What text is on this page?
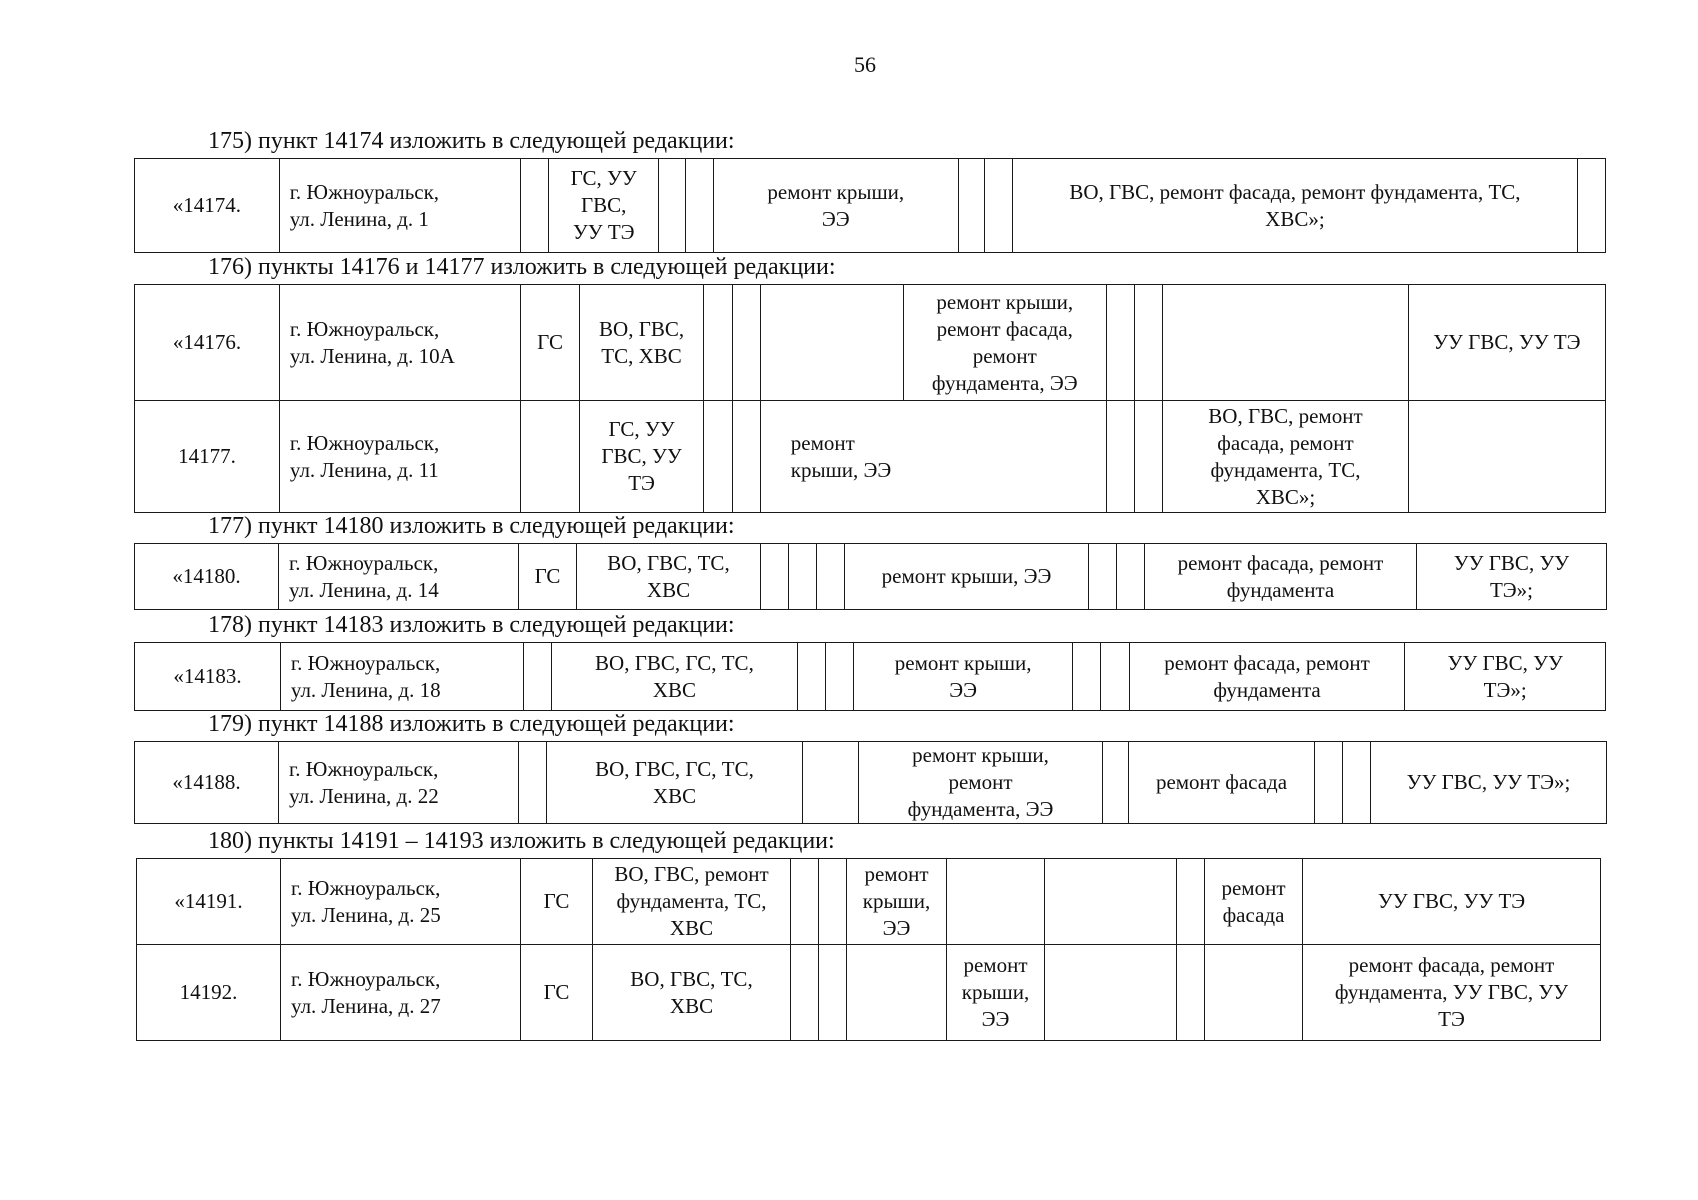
56
175) пункт 14174 изложить в следующей редакции:
«14174.	г. Южноуральск,
ул. Ленина, д. 1		ГС, УУ
ГВС,
УУ ТЭ			ремонт крыши,
ЭЭ			ВО, ГВС, ремонт фасада, ремонт фундамента, ТС,
ХВС»;	
176) пункты 14176 и 14177 изложить в следующей редакции:
«14176.	г. Южноуральск,
ул. Ленина, д. 10А	ГС	ВО, ГВС,
ТС, ХВС				ремонт крыши,
ремонт фасада,
ремонт
фундамента, ЭЭ				УУ ГВС, УУ ТЭ
14177.	г. Южноуральск,
ул. Ленина, д. 11		ГС, УУ
ГВС, УУ
ТЭ			ремонт
крыши, ЭЭ				ВО, ГВС, ремонт
фасада, ремонт
фундамента, ТС,
ХВС»;	
177) пункт 14180 изложить в следующей редакции:
«14180.	г. Южноуральск,
ул. Ленина, д. 14	ГС	ВО, ГВС, ТС,
ХВС				ремонт крыши, ЭЭ			ремонт фасада, ремонт
фундамента	УУ ГВС, УУ
ТЭ»;
178) пункт 14183 изложить в следующей редакции:
«14183.	г. Южноуральск,
ул. Ленина, д. 18		ВО, ГВС, ГС, ТС,
ХВС			ремонт крыши,
ЭЭ			ремонт фасада, ремонт
фундамента	УУ ГВС, УУ
ТЭ»;
179) пункт 14188 изложить в следующей редакции:
«14188.	г. Южноуральск,
ул. Ленина, д. 22		ВО, ГВС, ГС, ТС,
ХВС		ремонт крыши,
ремонт
фундамента, ЭЭ		ремонт фасада			УУ ГВС, УУ ТЭ»;
180) пункты 14191 – 14193 изложить в следующей редакции:
«14191.	г. Южноуральск,
ул. Ленина, д. 25	ГС	ВО, ГВС, ремонт
фундамента, ТС,
ХВС			ремонт
крыши,
ЭЭ				ремонт
фасада	УУ ГВС, УУ ТЭ
14192.	г. Южноуральск,
ул. Ленина, д. 27	ГС	ВО, ГВС, ТС,
ХВС				ремонт
крыши,
ЭЭ				ремонт фасада, ремонт
фундамента, УУ ГВС, УУ
ТЭ
